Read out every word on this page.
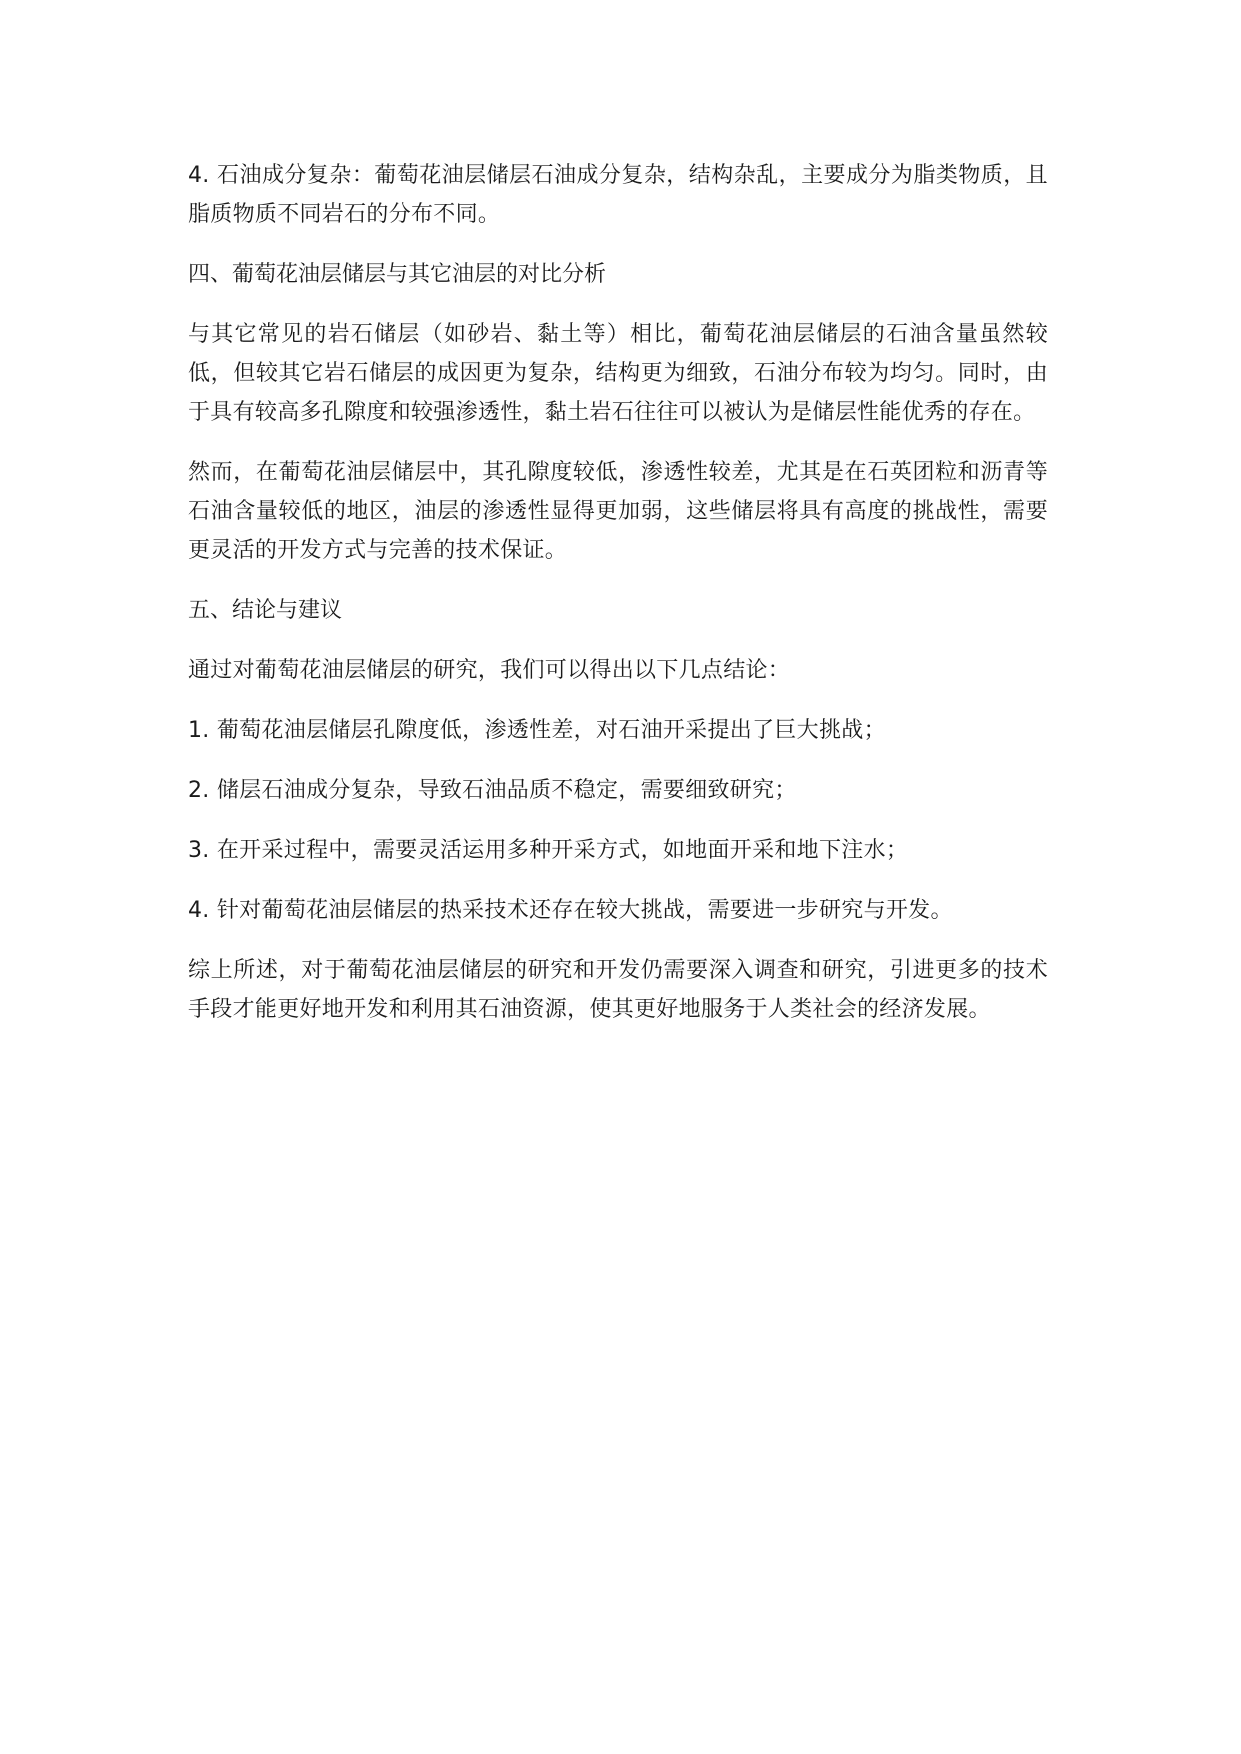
4. 石油成分复杂：葡萄花油层储层石油成分复杂，结构杂乱，主要成分为脂类物质，且脂质物质不同岩石的分布不同。

四、葡萄花油层储层与其它油层的对比分析

与其它常见的岩石储层（如砂岩、黏土等）相比，葡萄花油层储层的石油含量虽然较低，但较其它岩石储层的成因更为复杂，结构更为细致，石油分布较为均匀。同时，由于具有较高多孔隙度和较强渗透性，黏土岩石往往可以被认为是储层性能优秀的存在。

然而，在葡萄花油层储层中，其孔隙度较低，渗透性较差，尤其是在石英团粒和沥青等石油含量较低的地区，油层的渗透性显得更加弱，这些储层将具有高度的挑战性，需要更灵活的开发方式与完善的技术保证。

五、结论与建议

通过对葡萄花油层储层的研究，我们可以得出以下几点结论：

1. 葡萄花油层储层孔隙度低，渗透性差，对石油开采提出了巨大挑战；

2. 储层石油成分复杂，导致石油品质不稳定，需要细致研究；

3. 在开采过程中，需要灵活运用多种开采方式，如地面开采和地下注水；

4. 针对葡萄花油层储层的热采技术还存在较大挑战，需要进一步研究与开发。

综上所述，对于葡萄花油层储层的研究和开发仍需要深入调查和研究，引进更多的技术手段才能更好地开发和利用其石油资源，使其更好地服务于人类社会的经济发展。
